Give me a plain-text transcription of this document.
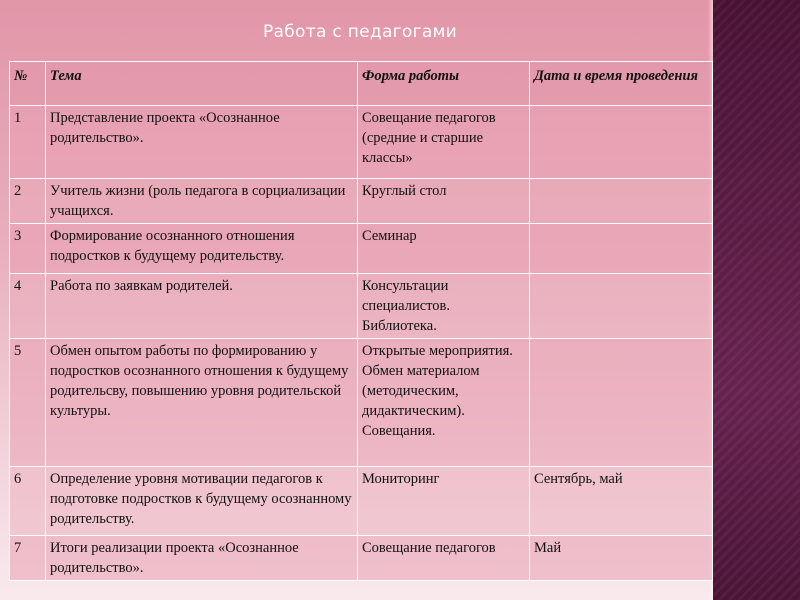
Работа с педагогами
№	Тема	Форма работы	Дата и время проведения
1	Представление проекта «Осознанное родительство».	Совещание педагогов (средние и старшие классы»	
2	Учитель жизни (роль педагога в сорциализации учащихся.	Круглый стол	
3	Формирование осознанного отношения подростков к будущему родительству.	Семинар	
4	Работа по заявкам родителей.	Консультации специалистов. Библиотека.	
5	Обмен опытом работы по формированию у подростков осознанного отношения к будущему родительсву, повышению уровня родительской культуры.	Открытые мероприятия. Обмен материалом (методическим, дидактическим). Совещания.	
6	Определение уровня мотивации педагогов к подготовке подростков к будущему осознанному родительству.	Мониторинг	Сентябрь, май
7	Итоги реализации проекта «Осознанное родительство».	Совещание педагогов	Май
